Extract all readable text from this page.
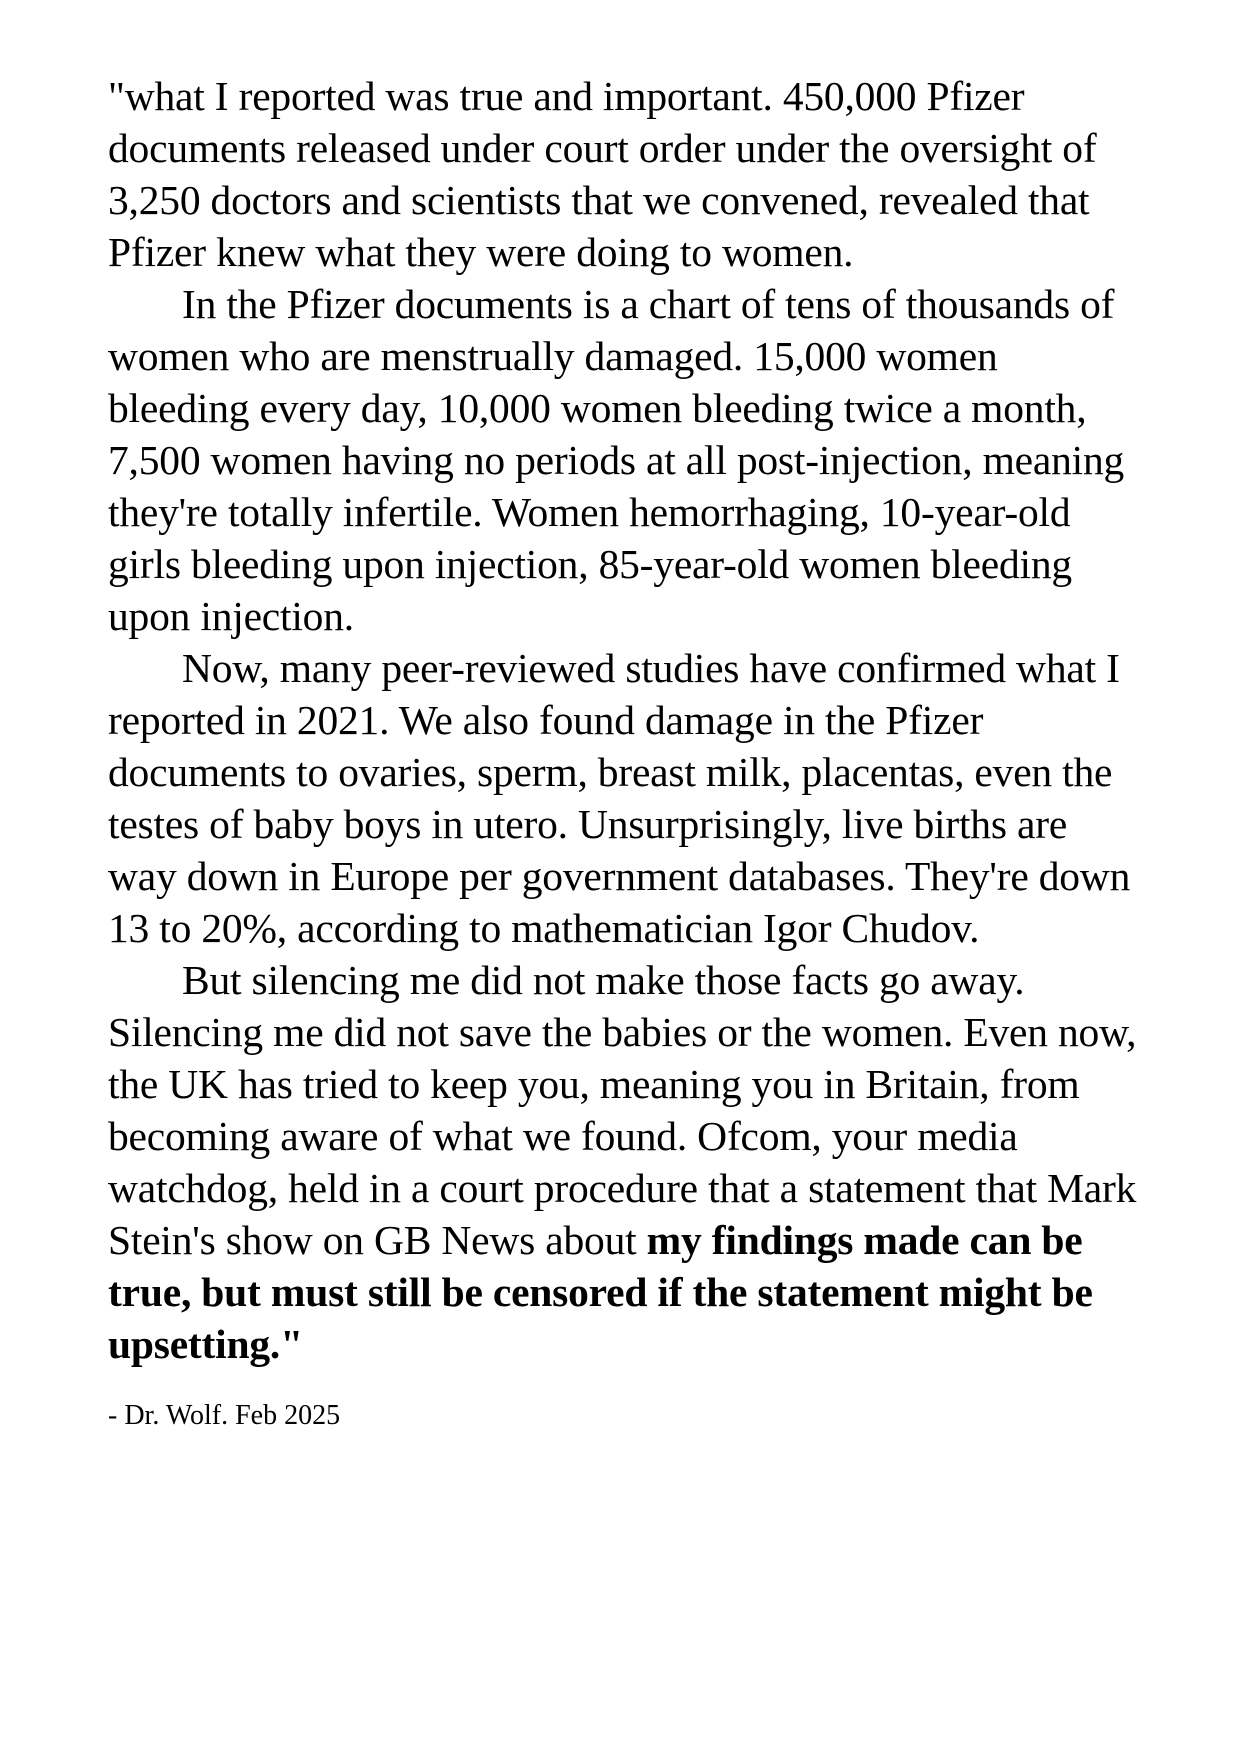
"what I reported was true and important. 450,000 Pfizer documents released under court order under the oversight of 3,250 doctors and scientists that we convened, revealed that Pfizer knew what they were doing to women.

In the Pfizer documents is a chart of tens of thousands of women who are menstrually damaged. 15,000 women bleeding every day, 10,000 women bleeding twice a month, 7,500 women having no periods at all post-injection, meaning they're totally infertile. Women hemorrhaging, 10-year-old girls bleeding upon injection, 85-year-old women bleeding upon injection.

Now, many peer-reviewed studies have confirmed what I reported in 2021. We also found damage in the Pfizer documents to ovaries, sperm, breast milk, placentas, even the testes of baby boys in utero. Unsurprisingly, live births are way down in Europe per government databases. They're down 13 to 20%, according to mathematician Igor Chudov.

But silencing me did not make those facts go away. Silencing me did not save the babies or the women. Even now, the UK has tried to keep you, meaning you in Britain, from becoming aware of what we found. Ofcom, your media watchdog, held in a court procedure that a statement that Mark Stein's show on GB News about my findings made can be true, but must still be censored if the statement might be upsetting."

- Dr. Wolf. Feb 2025
